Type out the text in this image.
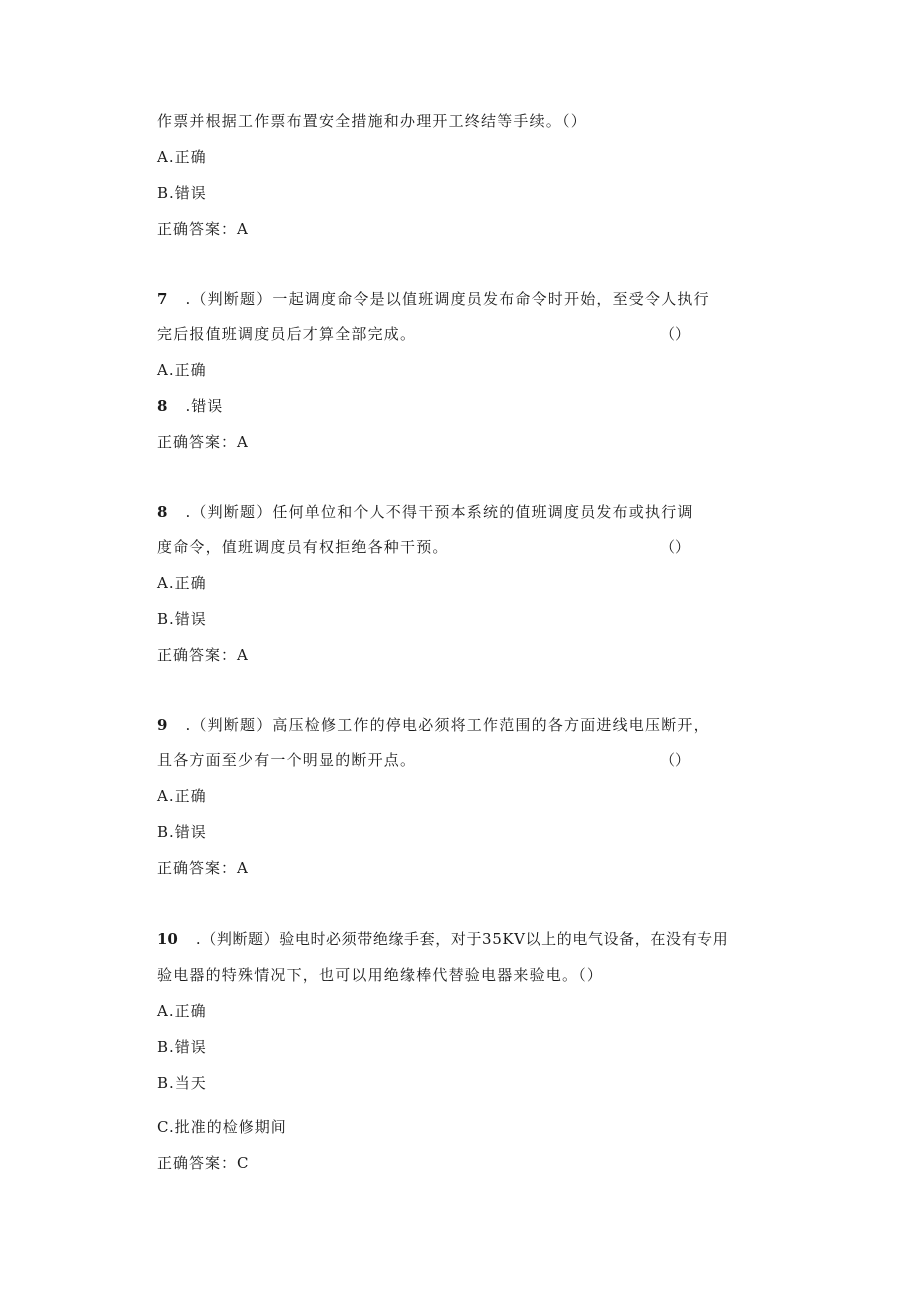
作票并根据工作票布置安全措施和办理开工终结等手续。（）
A.正确
B.错误
正确答案：A
7 .（判断题）一起调度命令是以值班调度员发布命令时开始，至受令人执行
完后报值班调度员后才算全部完成。	（）
A.正确
8 .错误
正确答案：A
8 .（判断题）任何单位和个人不得干预本系统的值班调度员发布或执行调
度命令，值班调度员有权拒绝各种干预。	（）
A.正确
B.错误
正确答案：A
9 .（判断题）高压检修工作的停电必须将工作范围的各方面进线电压断开，
且各方面至少有一个明显的断开点。	（）
A.正确
B.错误
正确答案：A
10 .（判断题）验电时必须带绝缘手套，对于35KV以上的电气设备，在没有专用
验电器的特殊情况下，也可以用绝缘棒代替验电器来验电。（）
A.正确
B.错误
B.当天
C.批准的检修期间
正确答案：C
